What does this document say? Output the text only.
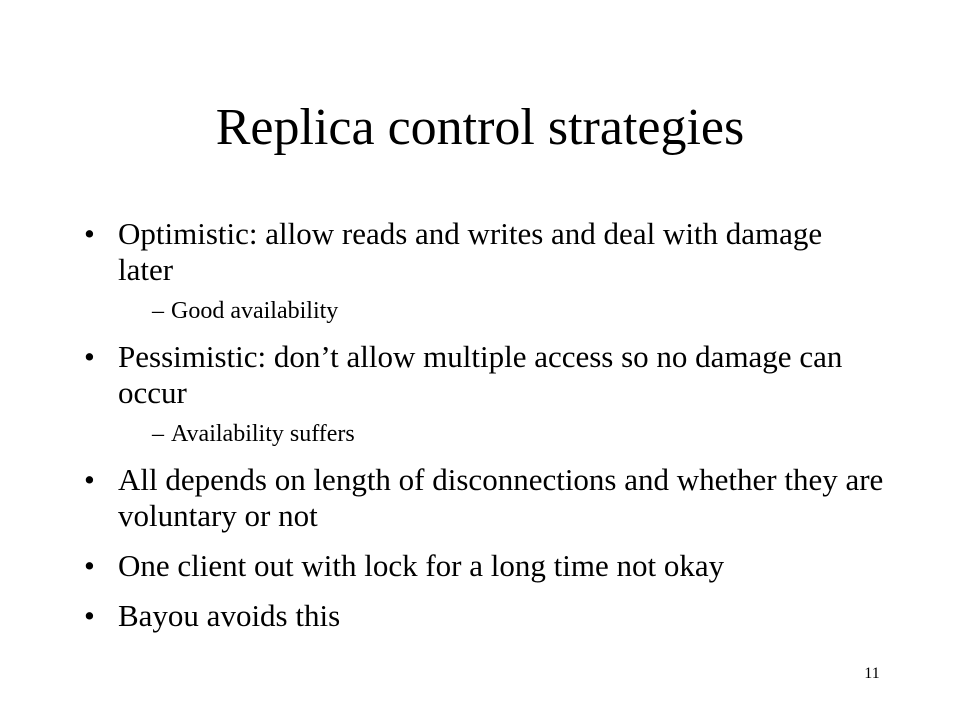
Replica control strategies
• Optimistic: allow reads and writes and deal with damage later
– Good availability
• Pessimistic: don’t allow multiple access so no damage can occur
– Availability suffers
• All depends on length of disconnections and whether they are voluntary or not
• One client out with lock for a long time not okay
• Bayou avoids this
11
